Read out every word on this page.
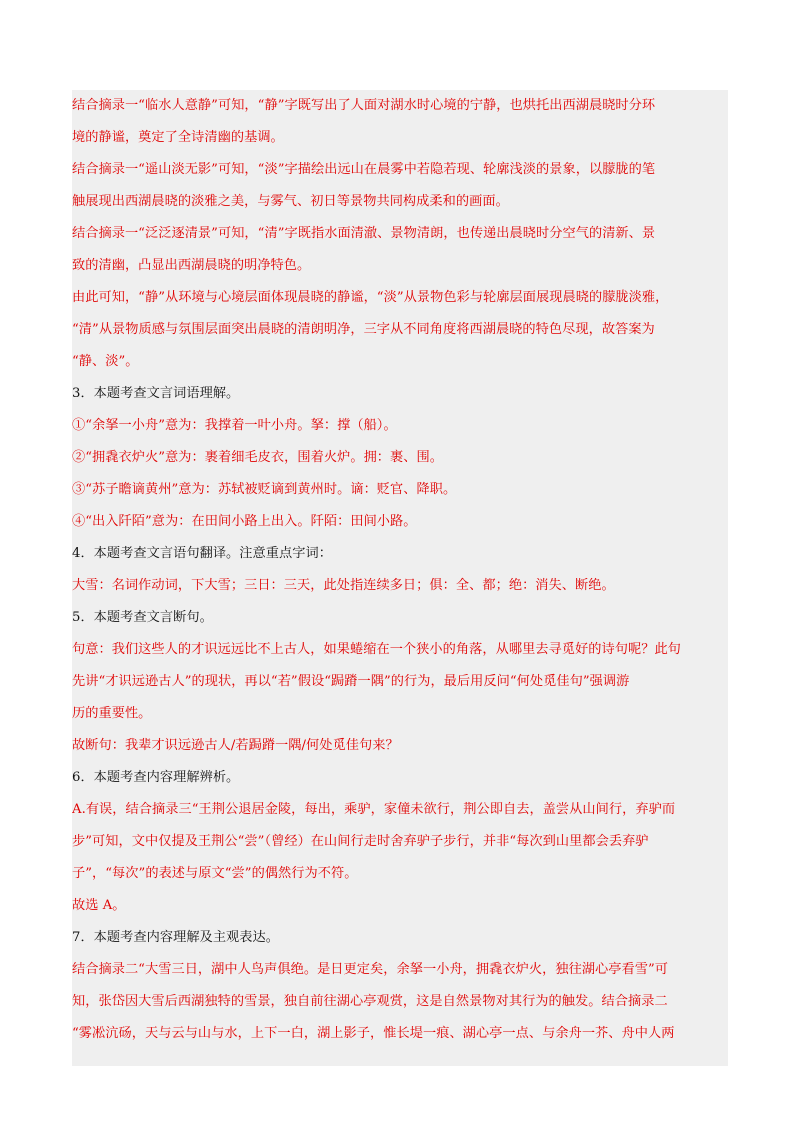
结合摘录一“临水人意静”可知，“静”字既写出了人面对湖水时心境的宁静，也烘托出西湖晨晓时分环
境的静谧，奠定了全诗清幽的基调。
结合摘录一“遥山淡无影”可知，“淡”字描绘出远山在晨雾中若隐若现、轮廓浅淡的景象，以朦胧的笔
触展现出西湖晨晓的淡雅之美，与雾气、初日等景物共同构成柔和的画面。
结合摘录一“泛泛逐清景”可知，“清”字既指水面清澈、景物清朗，也传递出晨晓时分空气的清新、景
致的清幽，凸显出西湖晨晓的明净特色。
由此可知，“静”从环境与心境层面体现晨晓的静谧，“淡”从景物色彩与轮廓层面展现晨晓的朦胧淡雅，
“清”从景物质感与氛围层面突出晨晓的清朗明净，三字从不同角度将西湖晨晓的特色尽现，故答案为
“静、淡”。
3．本题考查文言词语理解。
①“余拏一小舟”意为：我撑着一叶小舟。拏：撑（船）。
②“拥毳衣炉火”意为：裹着细毛皮衣，围着火炉。拥：裹、围。
③“苏子瞻谪黄州”意为：苏轼被贬谪到黄州时。谪：贬官、降职。
④“出入阡陌”意为：在田间小路上出入。阡陌：田间小路。
4．本题考查文言语句翻译。注意重点字词：
大雪：名词作动词，下大雪；三日：三天，此处指连续多日；俱：全、都；绝：消失、断绝。
5．本题考查文言断句。
句意：我们这些人的才识远远比不上古人，如果蜷缩在一个狭小的角落，从哪里去寻觅好的诗句呢？此句
先讲“才识远逊古人”的现状，再以“若”假设“跼蹐一隅”的行为，最后用反问“何处觅佳句”强调游
历的重要性。
故断句：我辈才识远逊古人/若跼蹐一隅/何处觅佳句来？
6．本题考查内容理解辨析。
A.有误，结合摘录三“王荆公退居金陵，每出，乘驴，家僮未欲行，荆公即自去，盖尝从山间行，弃驴而
步”可知，文中仅提及王荆公“尝”（曾经）在山间行走时舍弃驴子步行，并非“每次到山里都会丢弃驴
子”，“每次”的表述与原文“尝”的偶然行为不符。
故选 A。
7．本题考查内容理解及主观表达。
结合摘录二“大雪三日，湖中人鸟声俱绝。是日更定矣，余拏一小舟，拥毳衣炉火，独往湖心亭看雪”可
知，张岱因大雪后西湖独特的雪景，独自前往湖心亭观赏，这是自然景物对其行为的触发。结合摘录二
“雾凇沆砀，天与云与山与水，上下一白，湖上影子，惟长堤一痕、湖心亭一点、与余舟一芥、舟中人两
